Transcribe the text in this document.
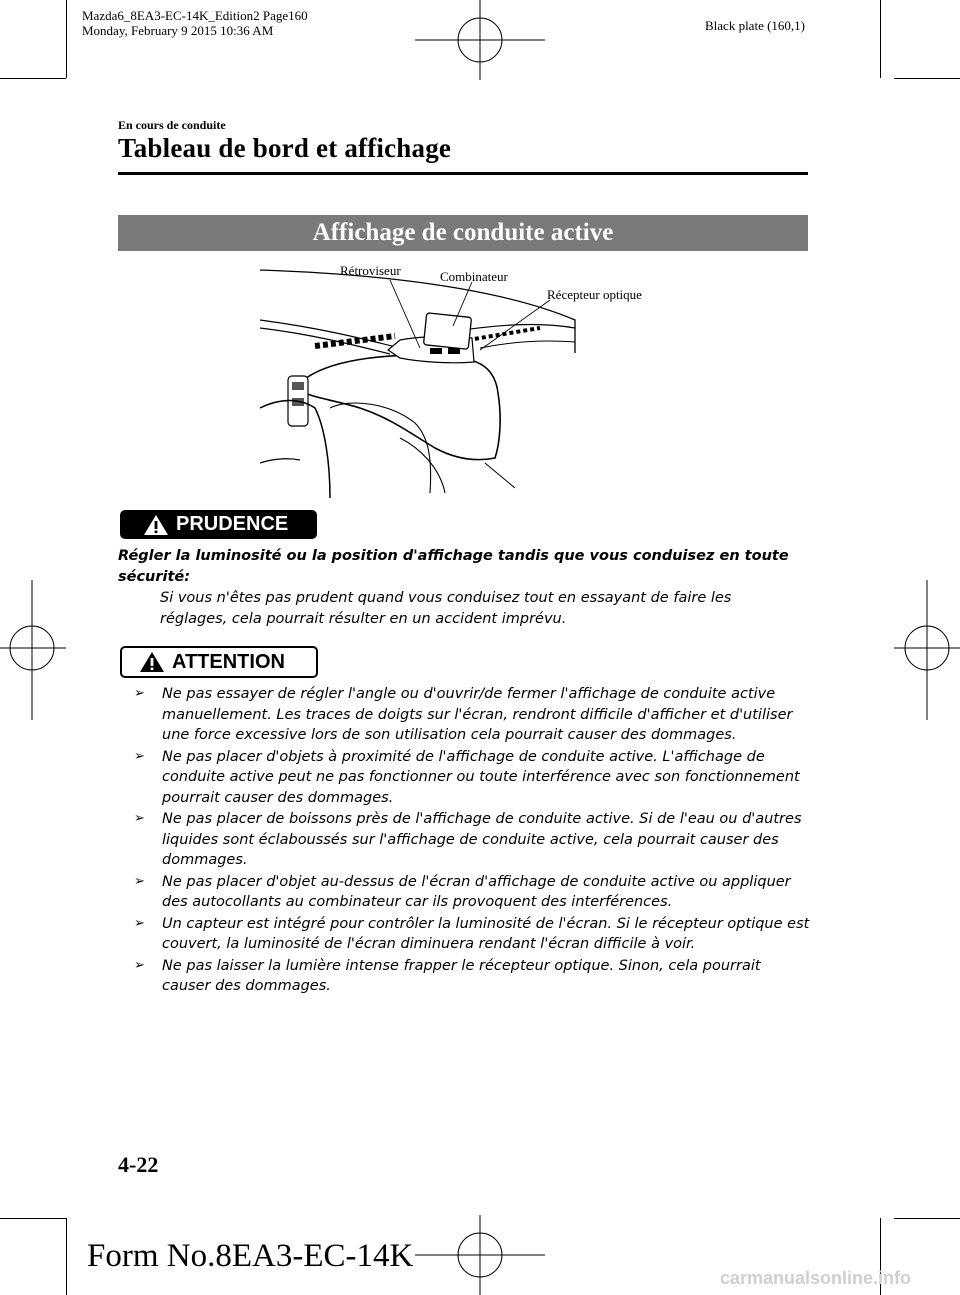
Mazda6_8EA3-EC-14K_Edition2 Page160
Monday, February 9 2015 10:36 AM	Black plate (160,1)
En cours de conduite
Tableau de bord et affichage
Affichage de conduite active
Rétroviseur	Combinateur
Récepteur optique
PRUDENCE
Régler la luminosité ou la position d'affichage tandis que vous conduisez en toute sécurité:
Si vous n'êtes pas prudent quand vous conduisez tout en essayant de faire les réglages, cela pourrait résulter en un accident imprévu.
ATTENTION
➢ Ne pas essayer de régler l'angle ou d'ouvrir/de fermer l'affichage de conduite active manuellement. Les traces de doigts sur l'écran, rendront difficile d'afficher et d'utiliser une force excessive lors de son utilisation cela pourrait causer des dommages.
➢ Ne pas placer d'objets à proximité de l'affichage de conduite active. L'affichage de conduite active peut ne pas fonctionner ou toute interférence avec son fonctionnement pourrait causer des dommages.
➢ Ne pas placer de boissons près de l'affichage de conduite active. Si de l'eau ou d'autres liquides sont éclaboussés sur l'affichage de conduite active, cela pourrait causer des dommages.
➢ Ne pas placer d'objet au-dessus de l'écran d'affichage de conduite active ou appliquer des autocollants au combinateur car ils provoquent des interférences.
➢ Un capteur est intégré pour contrôler la luminosité de l'écran. Si le récepteur optique est couvert, la luminosité de l'écran diminuera rendant l'écran difficile à voir.
➢ Ne pas laisser la lumière intense frapper le récepteur optique. Sinon, cela pourrait causer des dommages.
4-22
Form No.8EA3-EC-14K
carmanualsonline.info
